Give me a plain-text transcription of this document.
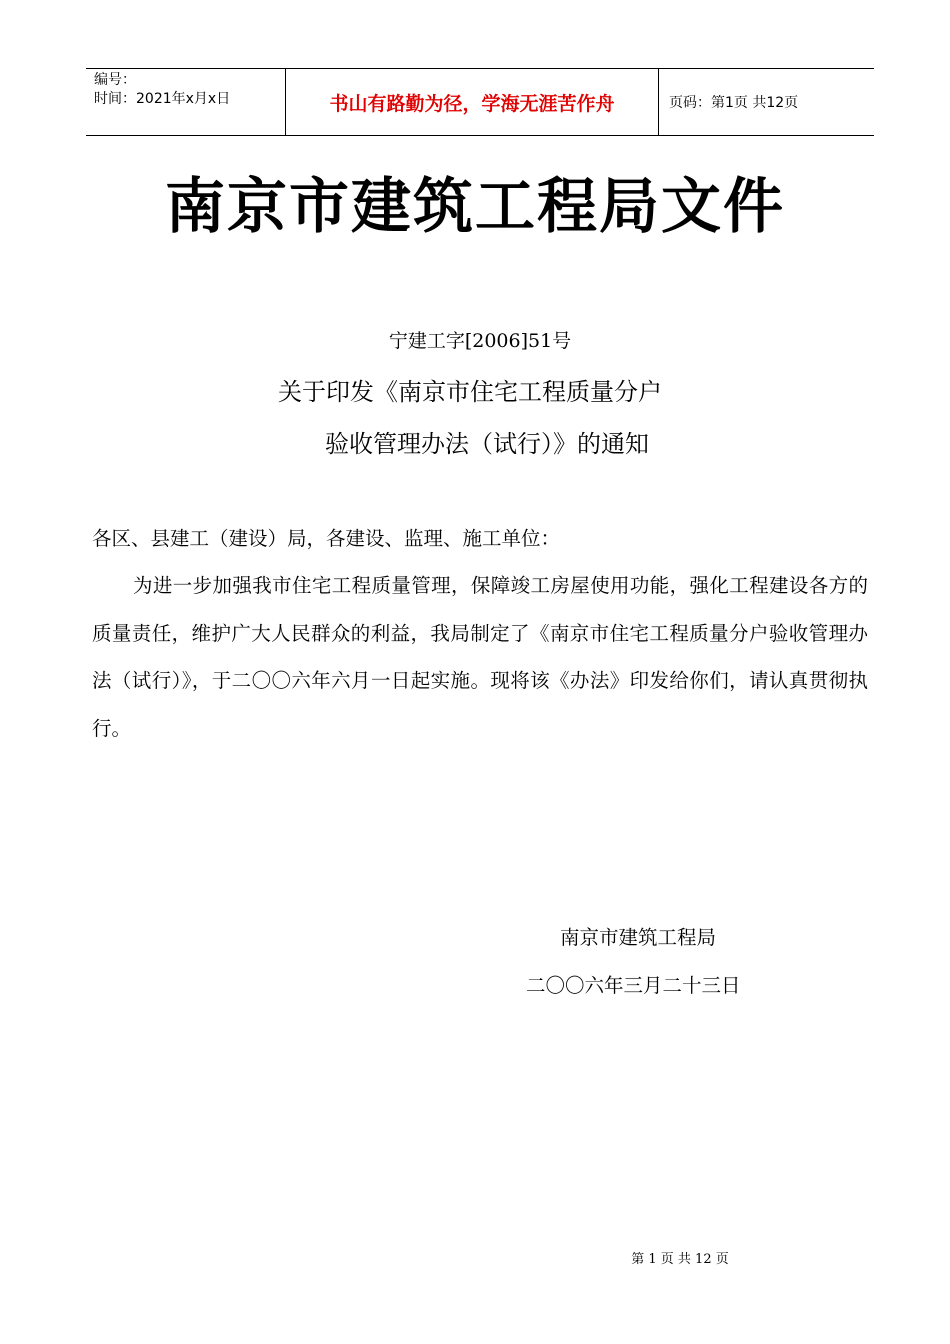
编号：
时间：2021年x月x日	书山有路勤为径，学海无涯苦作舟	页码：第1页 共12页
南京市建筑工程局文件
宁建工字[2006]51号
关于印发《南京市住宅工程质量分户
验收管理办法（试行）》的通知
各区、县建工（建设）局，各建设、监理、施工单位：
为进一步加强我市住宅工程质量管理，保障竣工房屋使用功能，强化工程建设各方的质量责任，维护广大人民群众的利益，我局制定了《南京市住宅工程质量分户验收管理办法（试行）》，于二〇〇六年六月一日起实施。现将该《办法》印发给你们，请认真贯彻执行。
南京市建筑工程局
二〇〇六年三月二十三日
第 1 页 共 12 页
